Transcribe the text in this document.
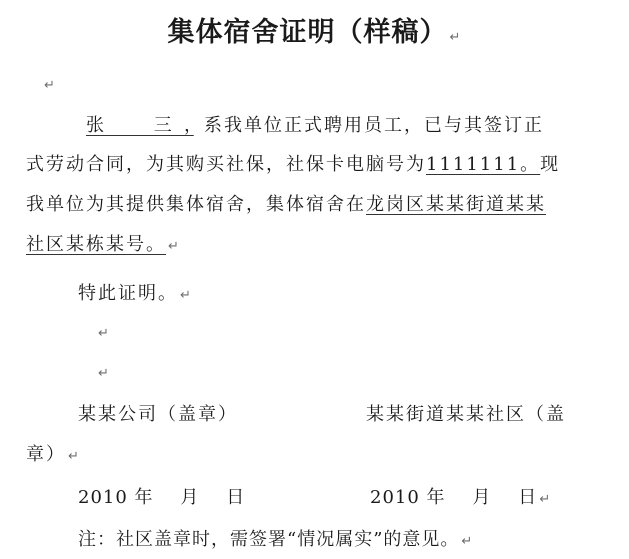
集体宿舍证明（样稿） ↵
↵
张 三，系我单位正式聘用员工，已与其签订正
式劳动合同，为其购买社保，社保卡电脑号为1111111。现
我单位为其提供集体宿舍，集体宿舍在龙岗区某某街道某某
社区某栋某号。 ↵
特此证明。 ↵
↵
↵
某某公司（盖章）	某某街道某某社区（盖
章） ↵
2010 年    月    日	2010 年    月    日 ↵
注：社区盖章时，需签署“情况属实”的意见。 ↵
